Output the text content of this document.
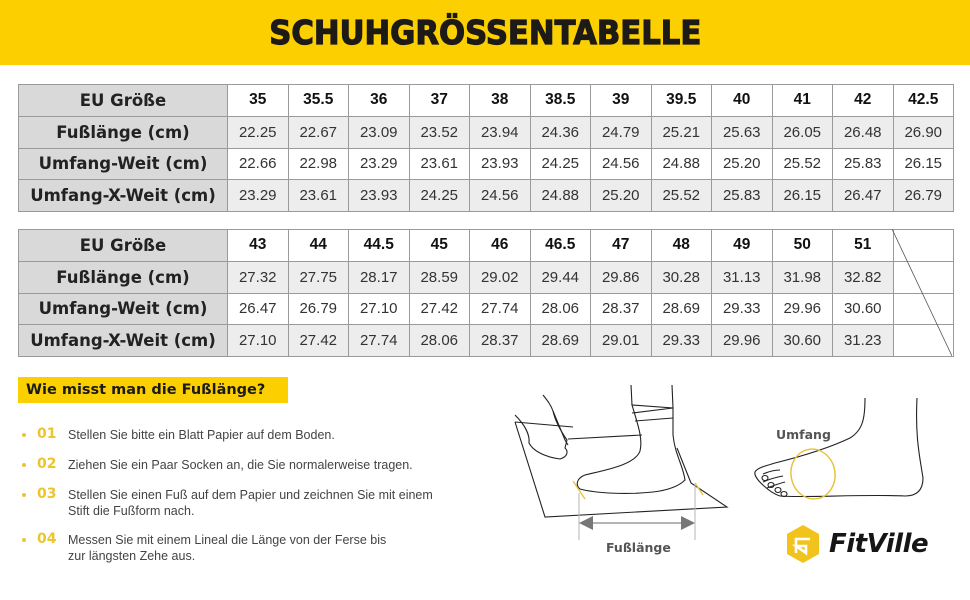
SCHUHGRÖSSENTABELLE
EU Größe	35	35.5	36	37	38	38.5	39	39.5	40	41	42	42.5
Fußlänge (cm)	22.25	22.67	23.09	23.52	23.94	24.36	24.79	25.21	25.63	26.05	26.48	26.90
Umfang-Weit (cm)	22.66	22.98	23.29	23.61	23.93	24.25	24.56	24.88	25.20	25.52	25.83	26.15
Umfang-X-Weit (cm)	23.29	23.61	23.93	24.25	24.56	24.88	25.20	25.52	25.83	26.15	26.47	26.79
EU Größe	43	44	44.5	45	46	46.5	47	48	49	50	51	
Fußlänge (cm)	27.32	27.75	28.17	28.59	29.02	29.44	29.86	30.28	31.13	31.98	32.82	
Umfang-Weit (cm)	26.47	26.79	27.10	27.42	27.74	28.06	28.37	28.69	29.33	29.96	30.60	
Umfang-X-Weit (cm)	27.10	27.42	27.74	28.06	28.37	28.69	29.01	29.33	29.96	30.60	31.23	
Wie misst man die Fußlänge?
01 Stellen Sie bitte ein Blatt Papier auf dem Boden.
02 Ziehen Sie ein Paar Socken an, die Sie normalerweise tragen.
03 Stellen Sie einen Fuß auf dem Papier und zeichnen Sie mit einem Stift die Fußform nach.
04 Messen Sie mit einem Lineal die Länge von der Ferse bis zur längsten Zehe aus.
Fußlänge
Umfang
FitVille
